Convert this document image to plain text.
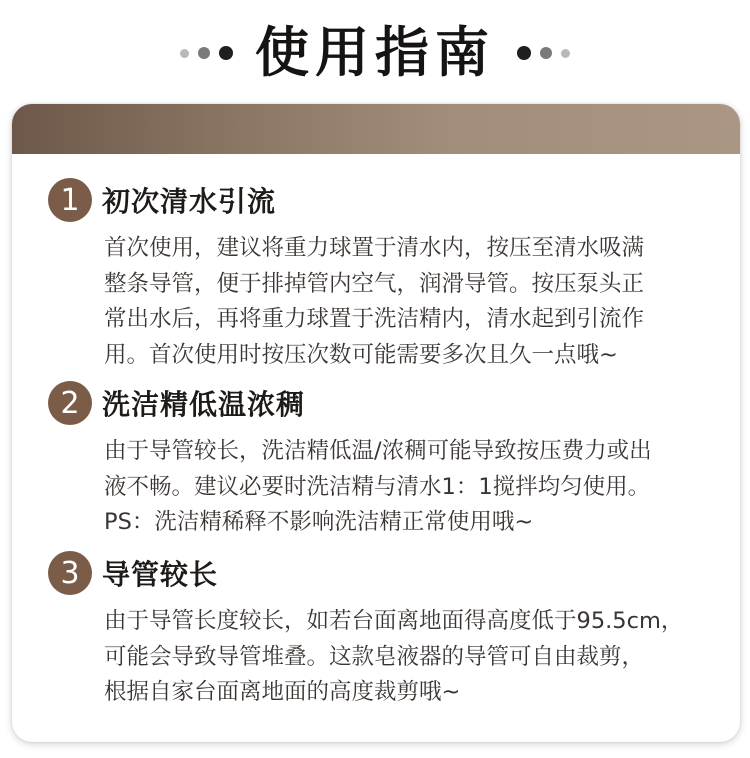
使用指南
1 初次清水引流
首次使用，建议将重力球置于清水内，按压至清水吸满
整条导管，便于排掉管内空气，润滑导管。按压泵头正
常出水后，再将重力球置于洗洁精内，清水起到引流作
用。首次使用时按压次数可能需要多次且久一点哦~
2 洗洁精低温浓稠
由于导管较长，洗洁精低温/浓稠可能导致按压费力或出
液不畅。建议必要时洗洁精与清水1：1搅拌均匀使用。
PS：洗洁精稀释不影响洗洁精正常使用哦~
3 导管较长
由于导管长度较长，如若台面离地面得高度低于95.5cm，
可能会导致导管堆叠。这款皂液器的导管可自由裁剪，
根据自家台面离地面的高度裁剪哦~
